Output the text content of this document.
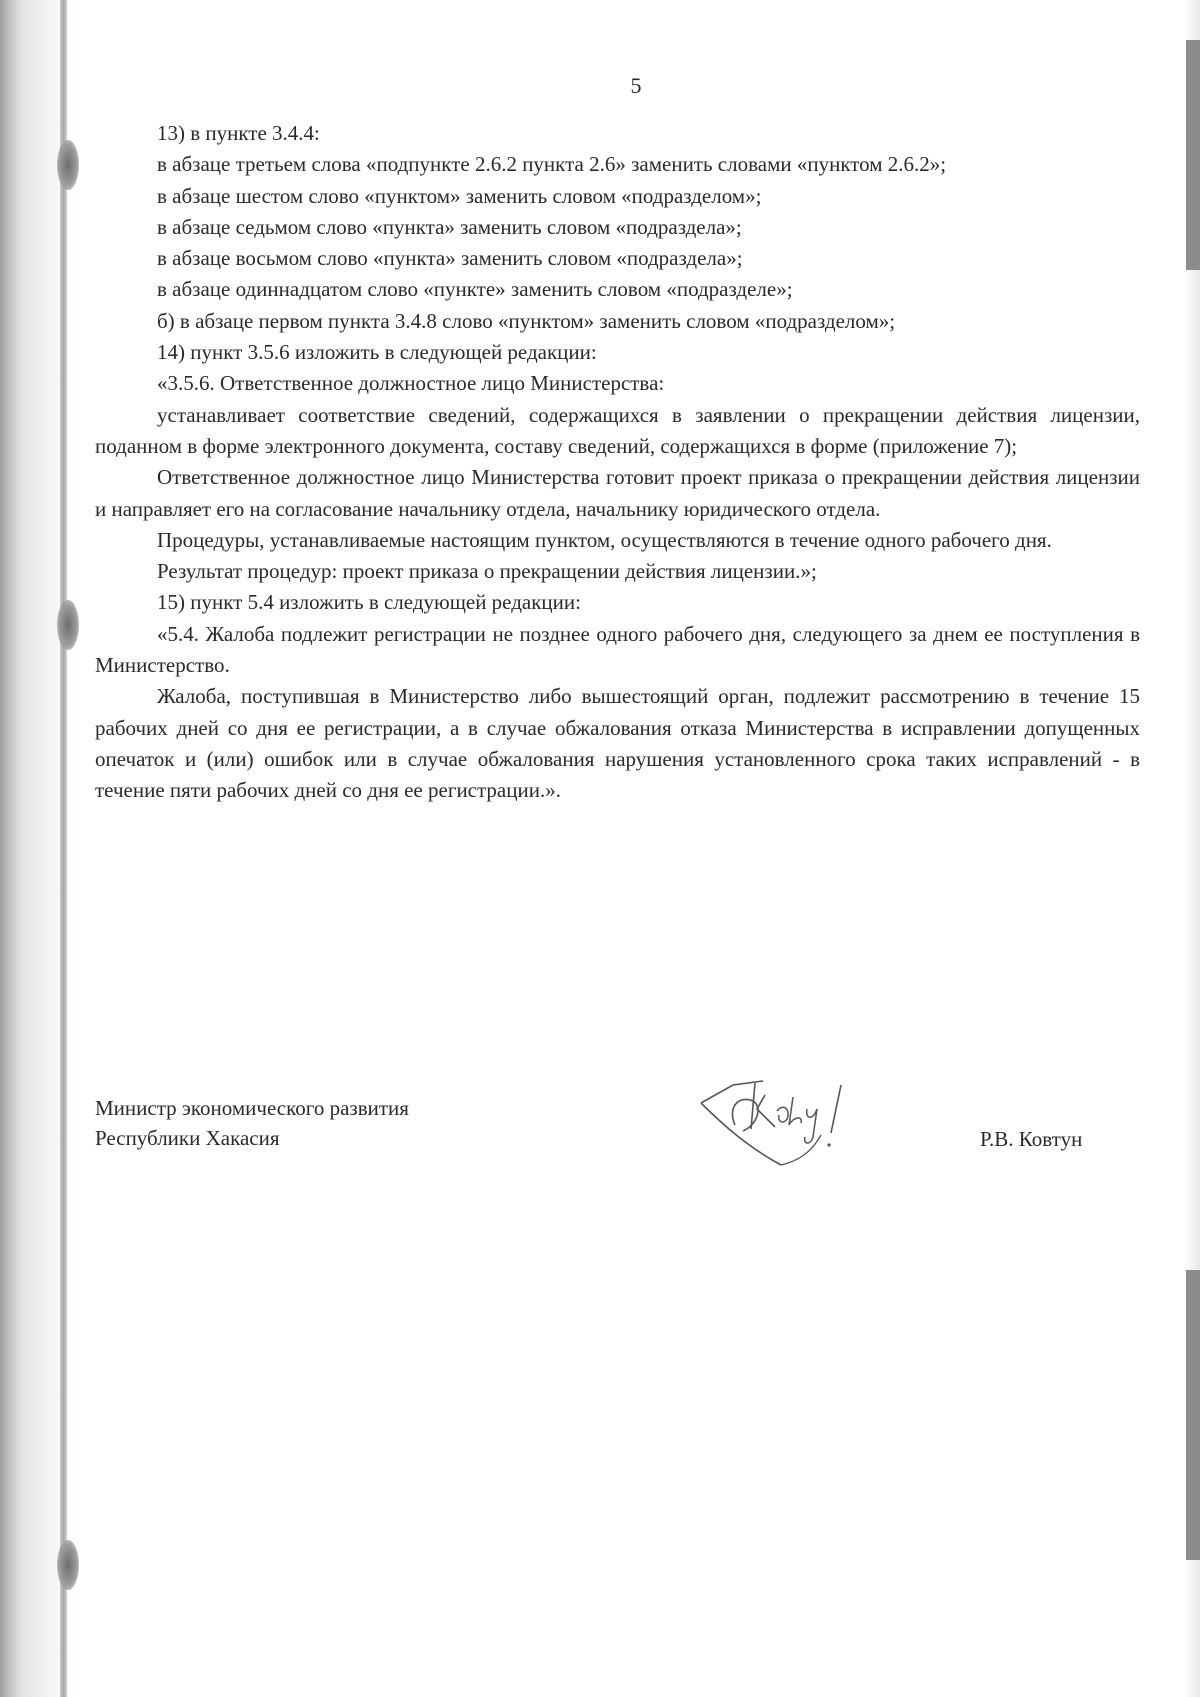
5

13) в пункте 3.4.4:

в абзаце третьем слова «подпункте 2.6.2 пункта 2.6» заменить словами «пунктом 2.6.2»;

в абзаце шестом слово «пунктом» заменить словом «подразделом»;

в абзаце седьмом слово «пункта» заменить словом «подраздела»;

в абзаце восьмом слово «пункта» заменить словом «подраздела»;

в абзаце одиннадцатом слово «пункте» заменить словом «подразделе»;

б) в абзаце первом пункта 3.4.8 слово «пунктом» заменить словом «подразделом»;

14) пункт 3.5.6 изложить в следующей редакции:

«3.5.6. Ответственное должностное лицо Министерства:

устанавливает соответствие сведений, содержащихся в заявлении о прекращении действия лицензии, поданном в форме электронного документа, составу сведений, содержащихся в форме (приложение 7);

Ответственное должностное лицо Министерства готовит проект приказа о прекращении действия лицензии и направляет его на согласование начальнику отдела, начальнику юридического отдела.

Процедуры, устанавливаемые настоящим пунктом, осуществляются в течение одного рабочего дня.

Результат процедур: проект приказа о прекращении действия лицензии.»;

15) пункт 5.4 изложить в следующей редакции:

«5.4. Жалоба подлежит регистрации не позднее одного рабочего дня, следующего за днем ее поступления в Министерство.

Жалоба, поступившая в Министерство либо вышестоящий орган, подлежит рассмотрению в течение 15 рабочих дней со дня ее регистрации, а в случае обжалования отказа Министерства в исправлении допущенных опечаток и (или) ошибок или в случае обжалования нарушения установленного срока таких исправлений - в течение пяти рабочих дней со дня ее регистрации.».

Министр экономического развития
Республики Хакасия	Р.В. Ковтун
